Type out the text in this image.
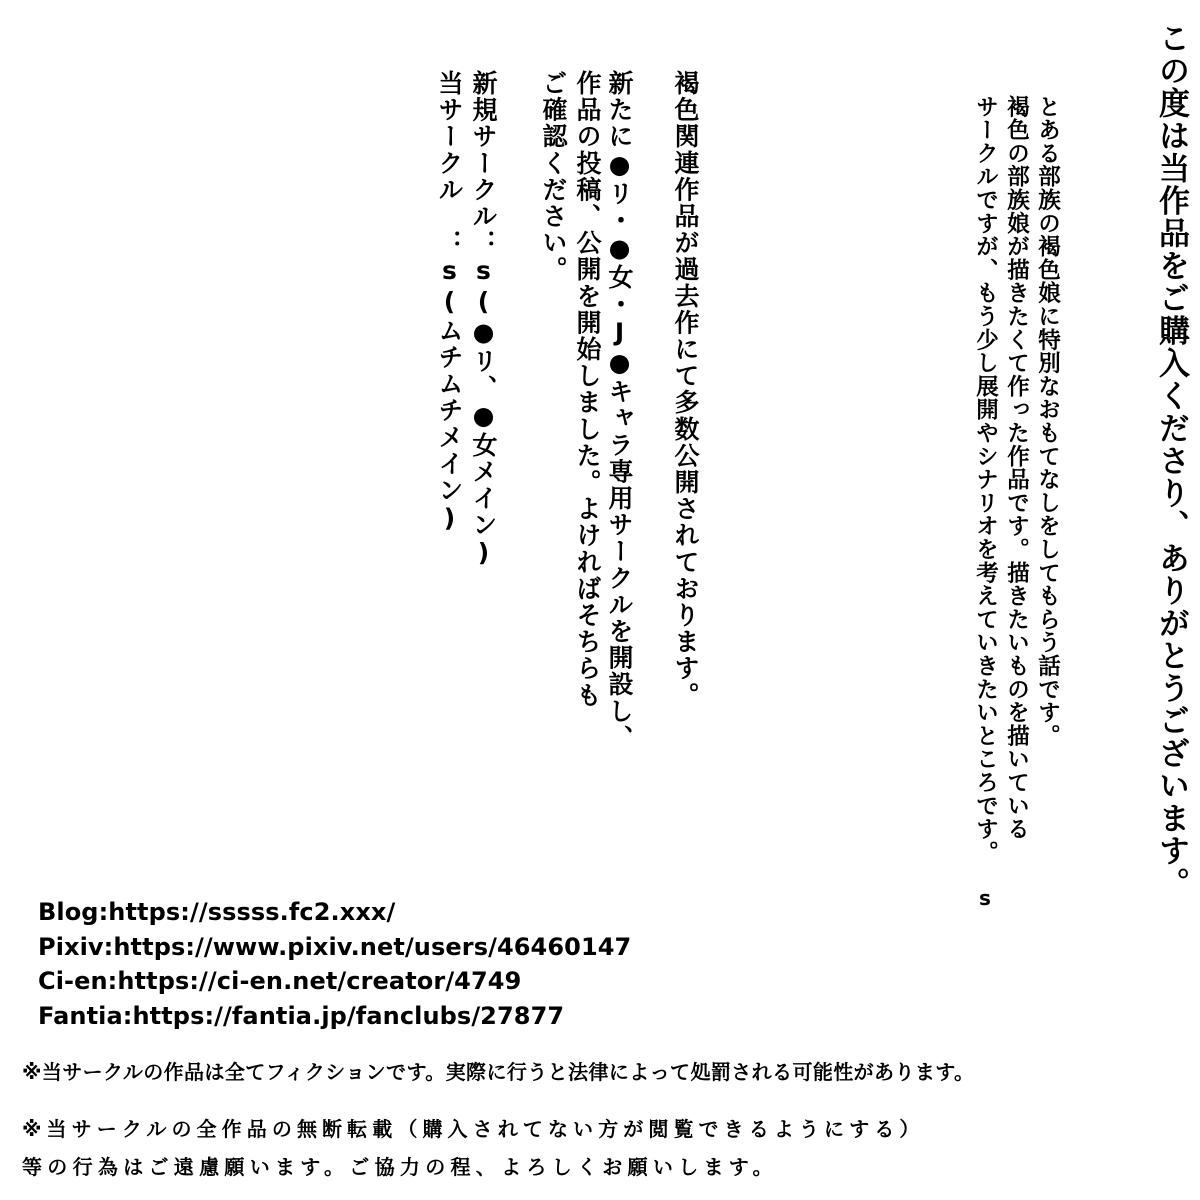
この度は当作品をご購入くださり、ありがとうございます。
とある部族の褐色娘に特別なおもてなしをしてもらう話です。
褐色の部族娘が描きたくて作った作品です。描きたいものを描いている
サークルですが、もう少し展開やシナリオを考えていきたいところです。
s
褐色関連作品が過去作にて多数公開されております。
新たに●リ・●女・J●キャラ専用サークルを開設し、
作品の投稿、公開を開始しました。よければそちらも
ご確認ください。
新規サークル：s(●リ、●女メイン)
当サークル　：s(ムチムチメイン)
Blog:https://sssss.fc2.xxx/
Pixiv:https://www.pixiv.net/users/46460147
Ci-en:https://ci-en.net/creator/4749
Fantia:https://fantia.jp/fanclubs/27877
※当サークルの作品は全てフィクションです。実際に行うと法律によって処罰される可能性があります。
※当サークルの全作品の無断転載（購入されてない方が閲覧できるようにする）
等の行為はご遠慮願います。ご協力の程、よろしくお願いします。
